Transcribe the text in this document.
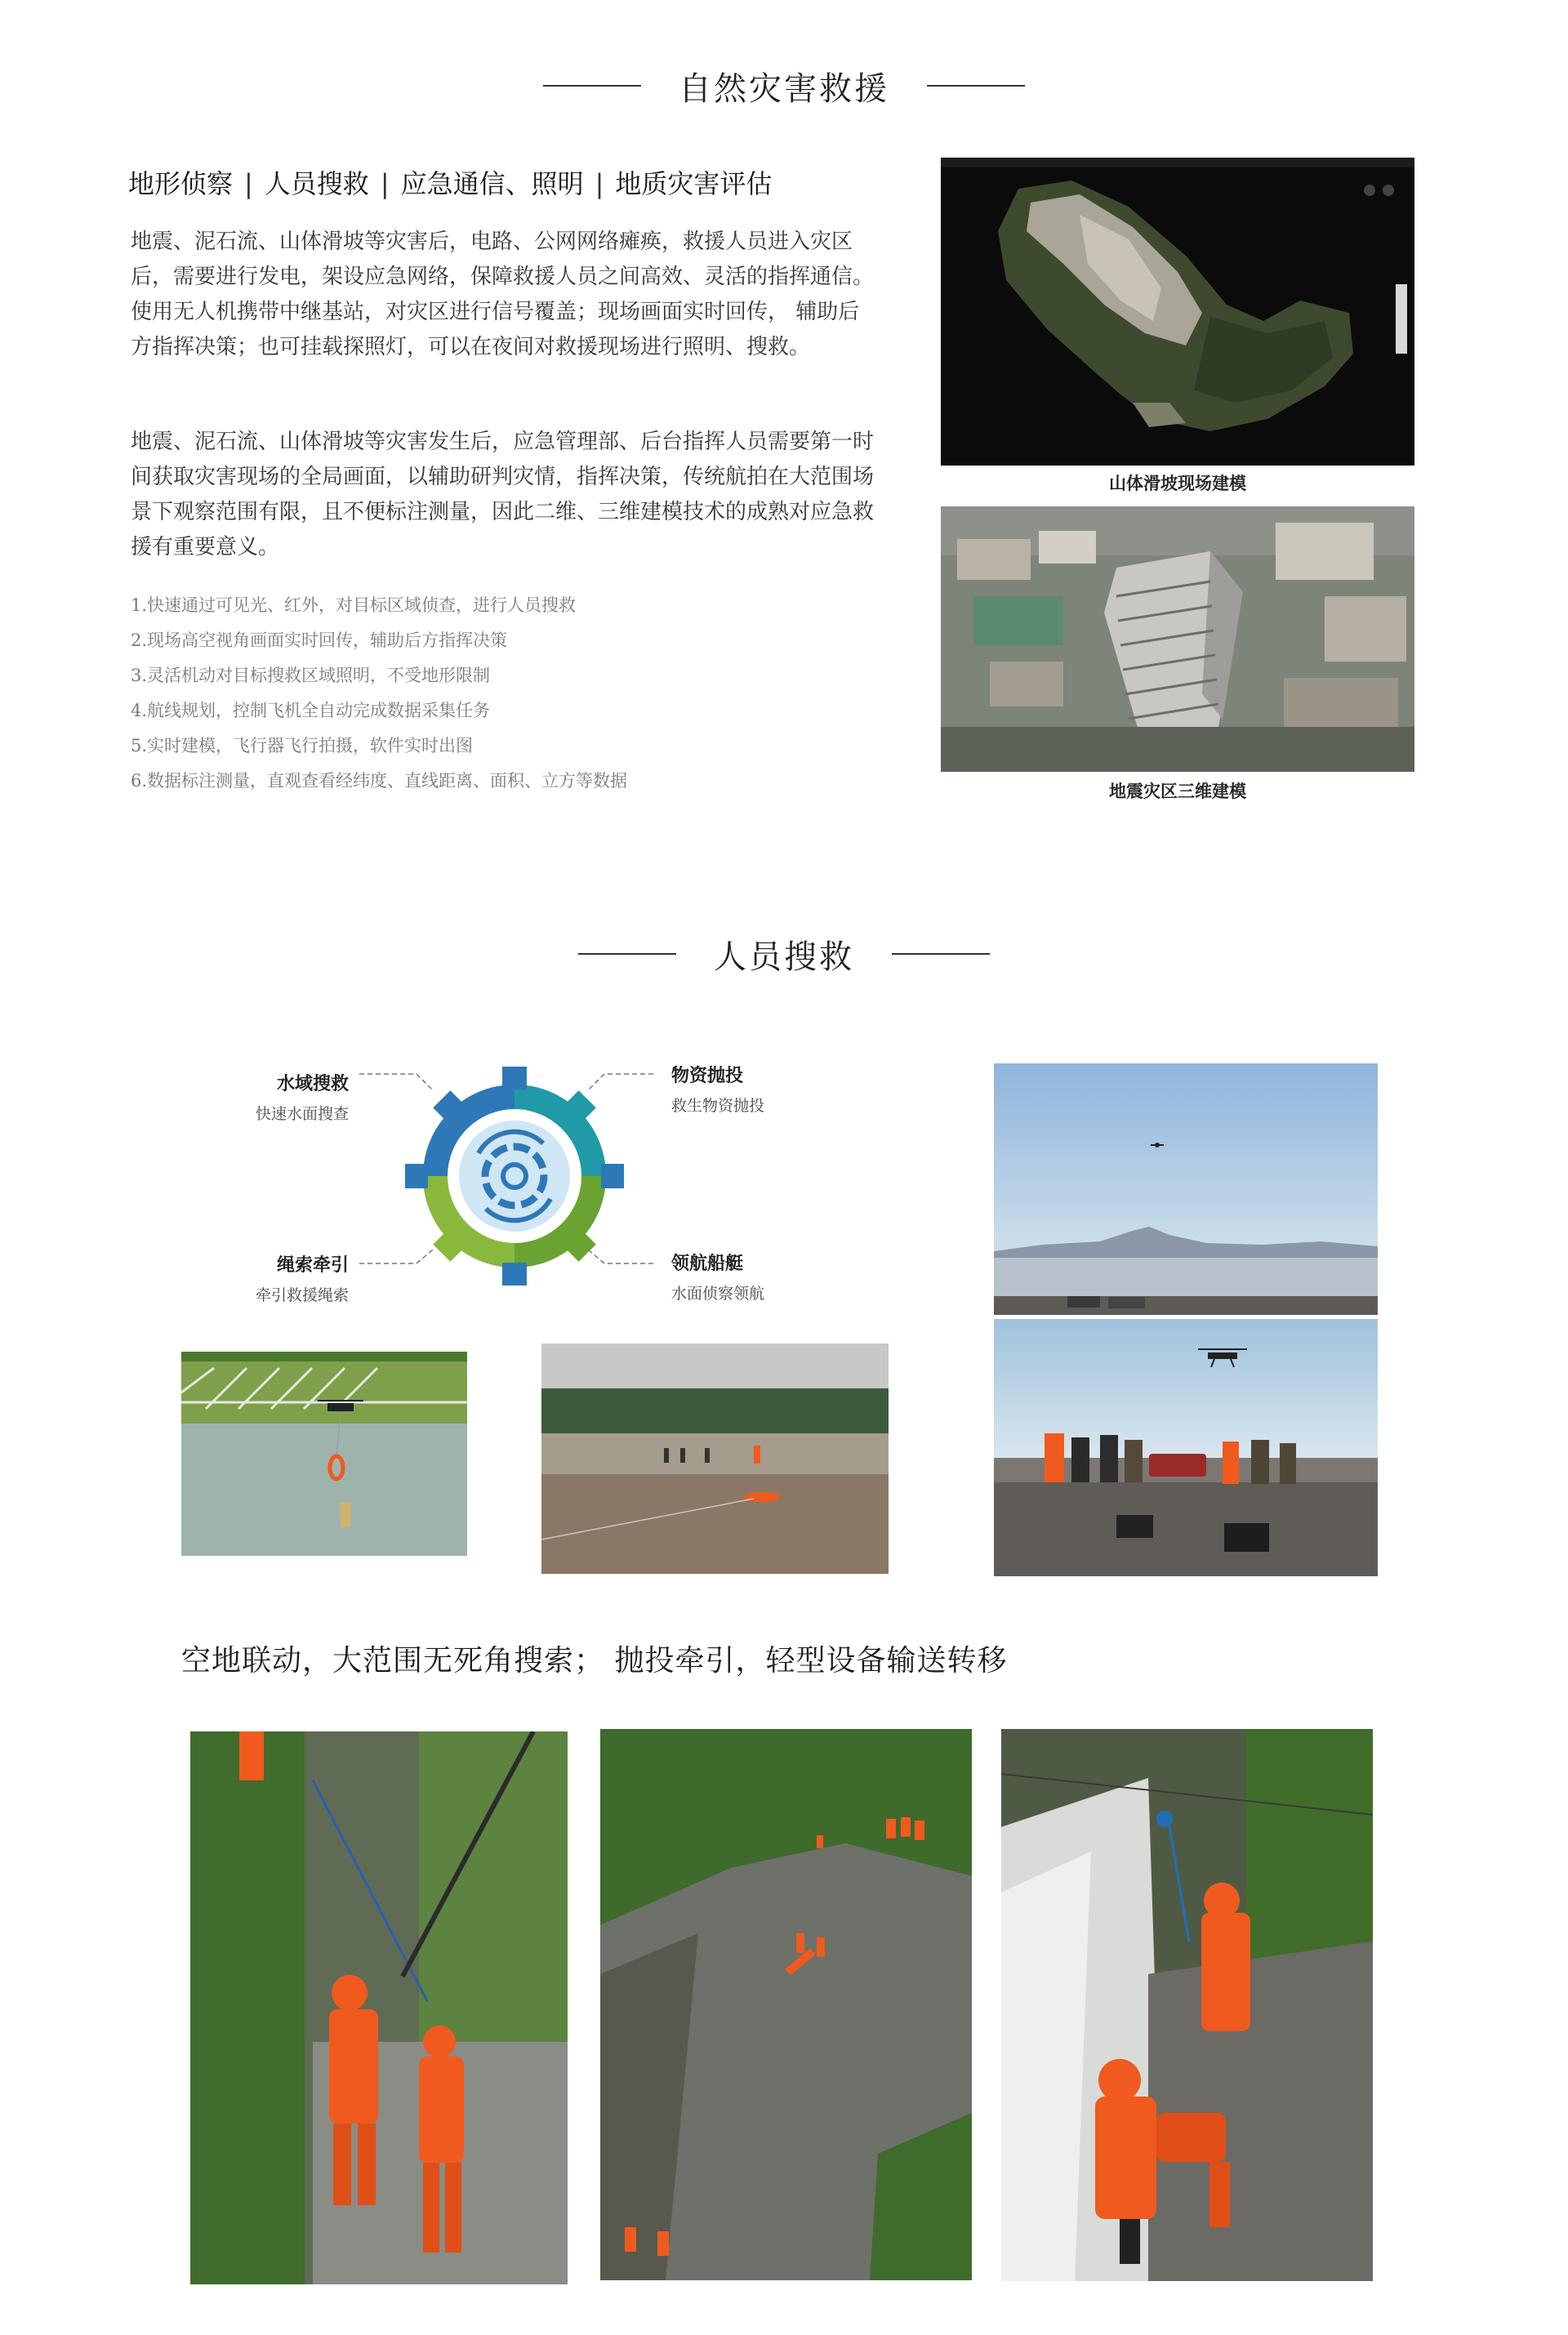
自然灾害救援
地形侦察 | 人员搜救 | 应急通信、照明 | 地质灾害评估
地震、泥石流、山体滑坡等灾害后，电路、公网网络瘫痪，救援人员进入灾区后，需要进行发电，架设应急网络，保障救援人员之间高效、灵活的指挥通信。使用无人机携带中继基站，对灾区进行信号覆盖；现场画面实时回传， 辅助后方指挥决策；也可挂载探照灯，可以在夜间对救援现场进行照明、搜救。
地震、泥石流、山体滑坡等灾害发生后，应急管理部、后台指挥人员需要第一时间获取灾害现场的全局画面，以辅助研判灾情，指挥决策，传统航拍在大范围场景下观察范围有限，且不便标注测量，因此二维、三维建模技术的成熟对应急救援有重要意义。
1.快速通过可见光、红外，对目标区域侦查，进行人员搜救
2.现场高空视角画面实时回传，辅助后方指挥决策
3.灵活机动对目标搜救区域照明，不受地形限制
4.航线规划，控制飞机全自动完成数据采集任务
5.实时建模，飞行器飞行拍摄，软件实时出图
6.数据标注测量，直观查看经纬度、直线距离、面积、立方等数据
山体滑坡现场建模
地震灾区三维建模
人员搜救
水域搜救
快速水面搜查
物资抛投
救生物资抛投
绳索牵引
牵引救援绳索
领航船艇
水面侦察领航
空地联动，大范围无死角搜索； 抛投牵引，轻型设备输送转移
